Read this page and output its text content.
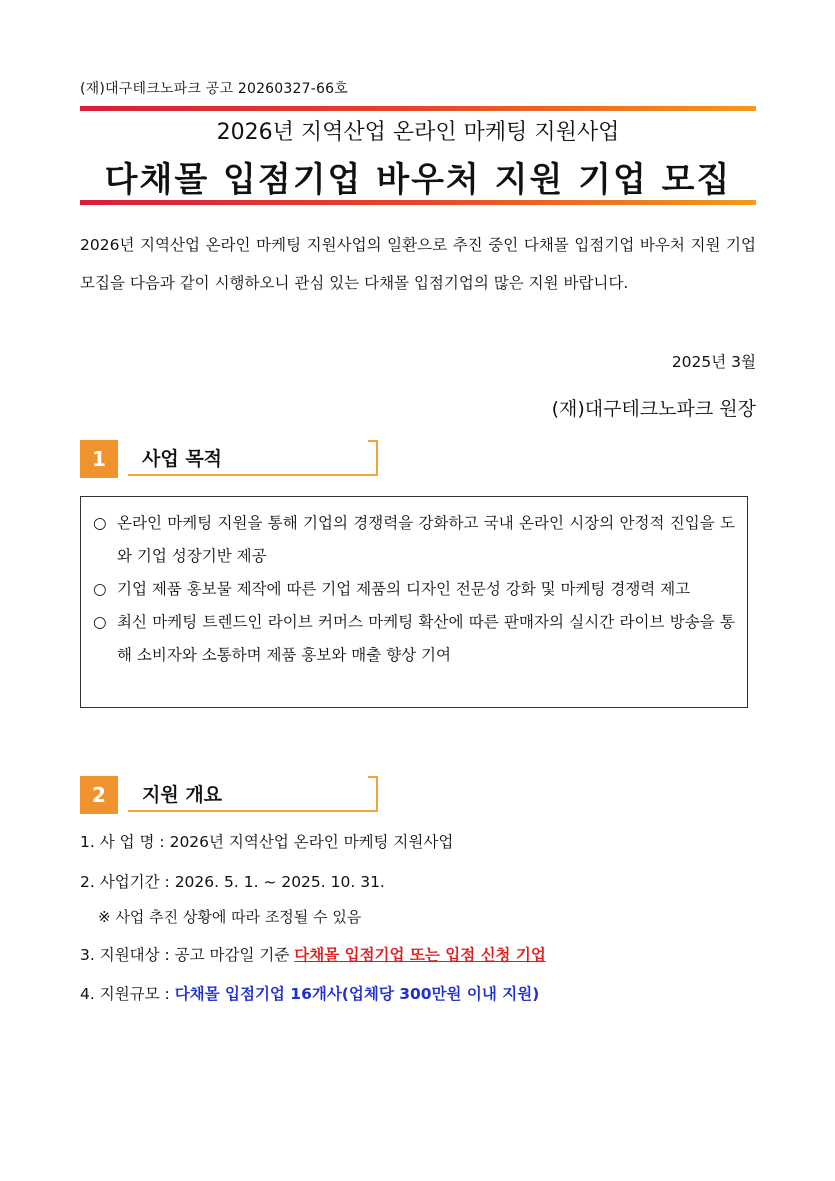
(재)대구테크노파크 공고 20260327-66호
2026년 지역산업 온라인 마케팅 지원사업
다채몰 입점기업 바우처 지원 기업 모집
2026년 지역산업 온라인 마케팅 지원사업의 일환으로 추진 중인 다채몰 입점기업 바우처 지원 기업 모집을 다음과 같이 시행하오니 관심 있는 다채몰 입점기업의 많은 지원 바랍니다.
2025년 3월
(재)대구테크노파크 원장
1	사업 목적

○ 온라인 마케팅 지원을 통해 기업의 경쟁력을 강화하고 국내 온라인 시장의 안정적 진입을 도와 기업 성장기반 제공

○ 기업 제품 홍보물 제작에 따른 기업 제품의 디자인 전문성 강화 및 마케팅 경쟁력 제고

○ 최신 마케팅 트렌드인 라이브 커머스 마케팅 확산에 따른 판매자의 실시간 라이브 방송을 통해 소비자와 소통하며 제품 홍보와 매출 향상 기여

2	지원 개요
1. 사 업 명 : 2026년 지역산업 온라인 마케팅 지원사업
2. 사업기간 : 2026. 5. 1. ~ 2025. 10. 31.
※ 사업 추진 상황에 따라 조정될 수 있음
3. 지원대상 : 공고 마감일 기준 다채몰 입점기업 또는 입점 신청 기업
4. 지원규모 : 다채몰 입점기업 16개사(업체당 300만원 이내 지원)
